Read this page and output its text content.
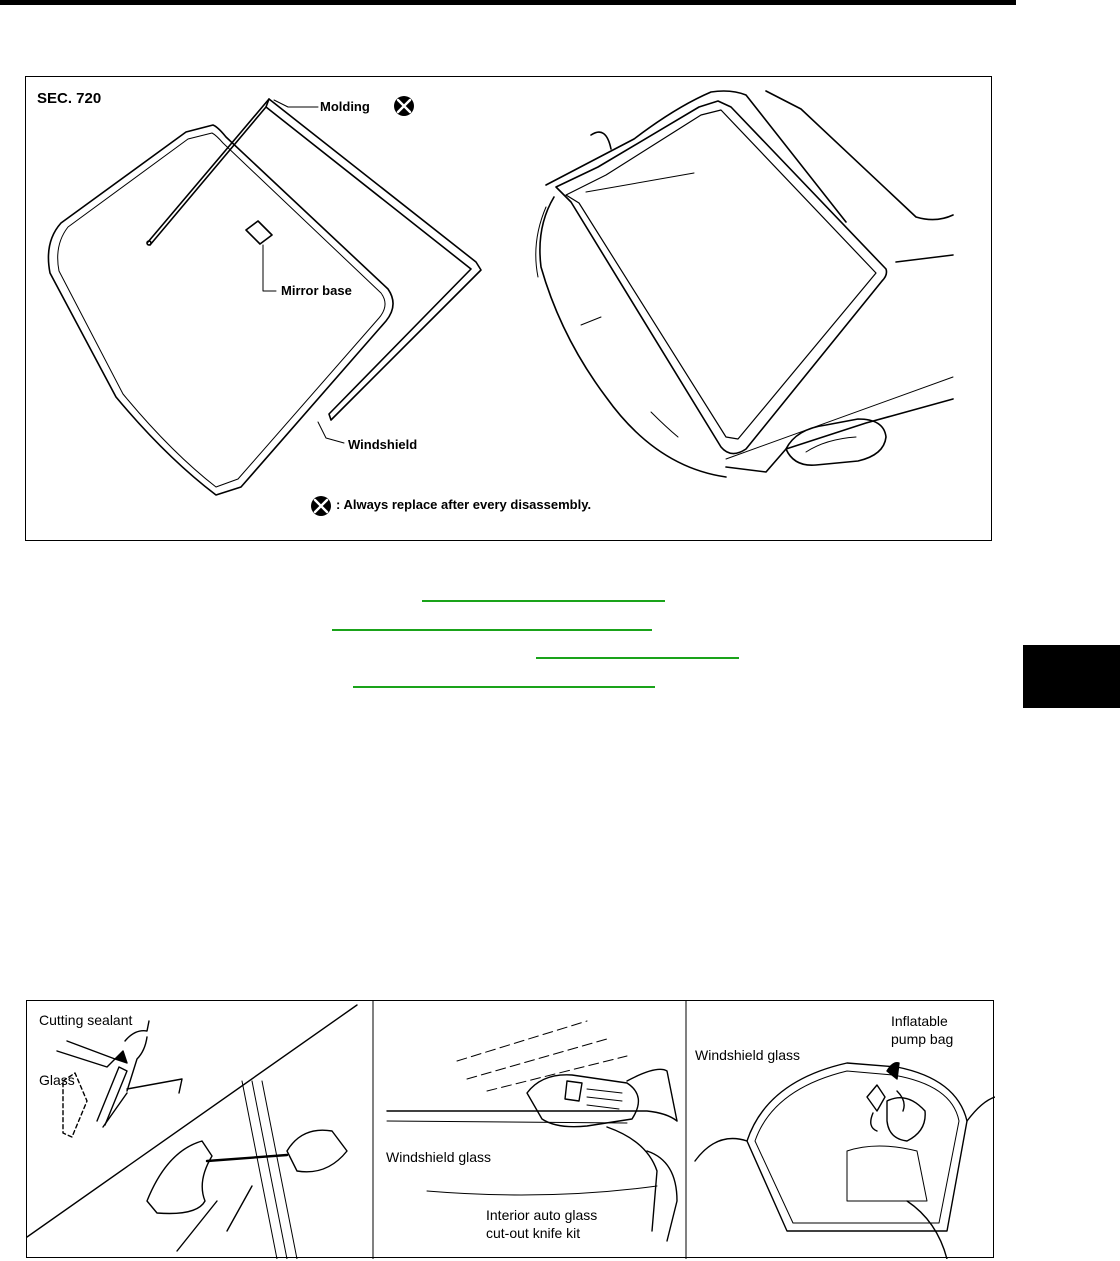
SEC. 720	Molding
Mirror base
Windshield
: Always replace after every disassembly.
Cutting sealant
Glass
Windshield glass
Interior auto glass
cut-out knife kit
Windshield glass
Inflatable
pump bag
